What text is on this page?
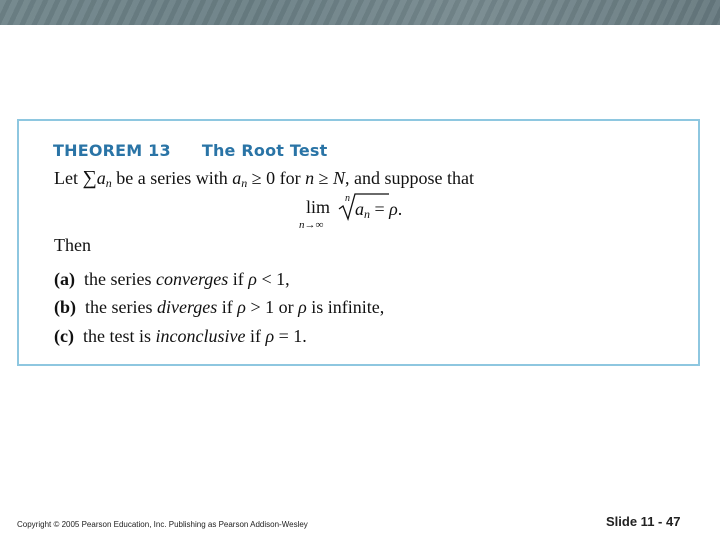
THEOREM 13 The Root Test
Let $\sum a_n$ be a series with $a_n \ge 0$ for n ≥ N, and suppose that
lim
n→∞
n
$a_n = \rho$.
Then
(a) the series converges if ρ < 1,
(b) the series diverges if ρ > 1 or ρ is infinite,
(c) the test is inconclusive if ρ = 1.
Copyright © 2005 Pearson Education, Inc. Publishing as Pearson Addison-Wesley	Slide 11 - 47
